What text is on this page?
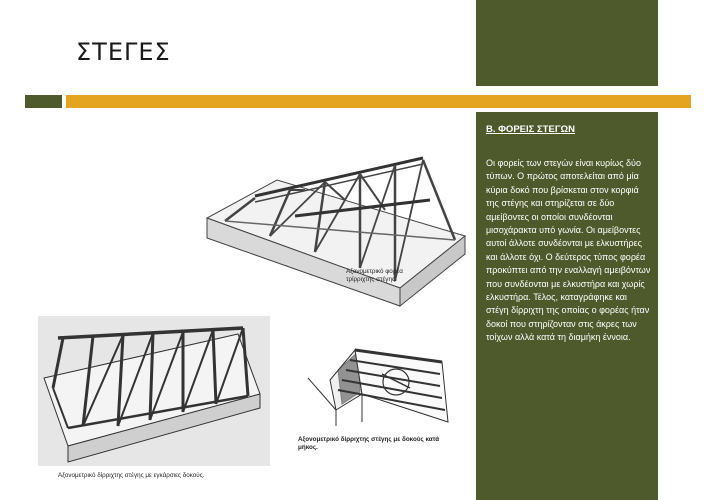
ΣΤΕΓΕΣ
Αξονομετρικό φορέα τρίρριχτης στέγης.
Αξονομετρικό δίρριχτης στέγης με εγκάρσιες δοκούς.
Αξονομετρικό δίρριχτης στέγης με δοκούς κατά μήκος.
Β. ΦΟΡΕΙΣ ΣΤΕΓΩΝ

Οι φορείς των στεγών είναι κυρίως δύο τύπων. Ο πρώτος αποτελείται από μία κύρια δοκό που βρίσκεται στον κορφιά της στέγης και στηρίζεται σε δύο αμείβοντες οι οποίοι συνδέονται μισοχάρακτα υπό γωνία. Οι αμείβοντες αυτοί άλλοτε συνδέονται με ελκυστήρες και άλλοτε όχι. Ο δεύτερος τύπος φορέα προκύπτει από την εναλλαγή αμειβόντων που συνδέονται με ελκυστήρα και χωρίς ελκυστήρα. Τέλος, καταγράφηκε και στέγη δίρριχτη της οποίας ο φορέας ήταν δοκοί που στηρίζονταν στις άκρες των τοίχων αλλά κατά τη διαμήκη έννοια.
